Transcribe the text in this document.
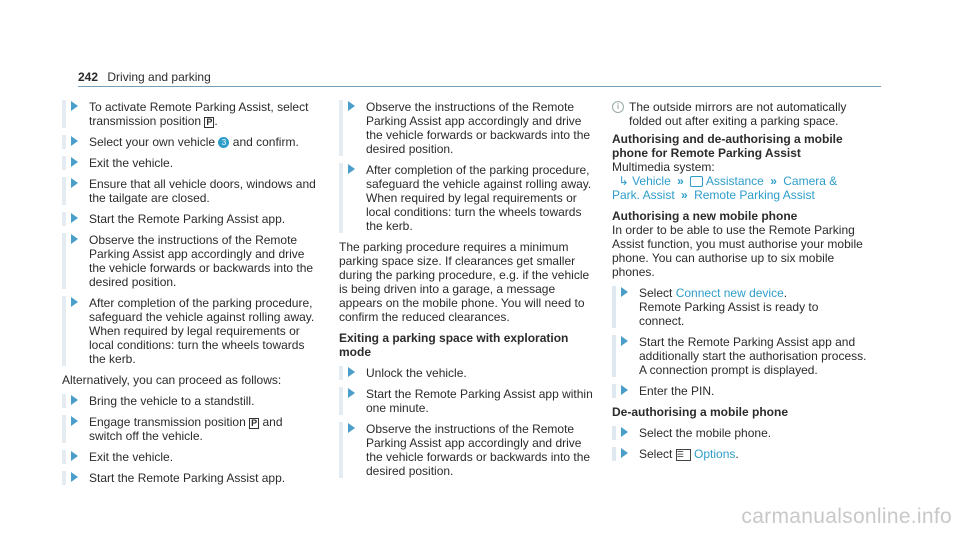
242 Driving and parking
To activate Remote Parking Assist, select
transmission position P .
Select your own vehicle 3 and confirm.
Exit the vehicle.
Ensure that all vehicle doors, windows and the tailgate are closed.
Start the Remote Parking Assist app.
Observe the instructions of the Remote Parking Assist app accordingly and drive the vehicle forwards or backwards into the desired position.
After completion of the parking procedure, safeguard the vehicle against rolling away. When required by legal requirements or local conditions: turn the wheels towards the kerb.

Alternatively, you can proceed as follows:

Bring the vehicle to a standstill.
Engage transmission position P and switch off the vehicle.
Exit the vehicle.
Start the Remote Parking Assist app.
Observe the instructions of the Remote Parking Assist app accordingly and drive the vehicle forwards or backwards into the desired position.
After completion of the parking procedure, safeguard the vehicle against rolling away. When required by legal requirements or local conditions: turn the wheels towards the kerb.

The parking procedure requires a minimum parking space size. If clearances get smaller during the parking procedure, e.g. if the vehicle is being driven into a garage, a message appears on the mobile phone. You will need to confirm the reduced clearances.

Exiting a parking space with exploration mode

Unlock the vehicle.
Start the Remote Parking Assist app within one minute.
Observe the instructions of the Remote Parking Assist app accordingly and drive the vehicle forwards or backwards into the desired position.
i The outside mirrors are not automatically folded out after exiting a parking space.
Authorising and de-authorising a mobile phone for Remote Parking Assist
Multimedia system:
↳ Vehicle » Assistance » Camera & Park. Assist » Remote Parking Assist
Authorising a new mobile phone

In order to be able to use the Remote Parking Assist function, you must authorise your mobile phone. You can authorise up to six mobile phones.

Select Connect new device.
Remote Parking Assist is ready to connect.
Start the Remote Parking Assist app and additionally start the authorisation process. A connection prompt is displayed.
Enter the PIN.
De-authorising a mobile phone
Select the mobile phone.
Select ☰ Options.
carmanualsonline.info
